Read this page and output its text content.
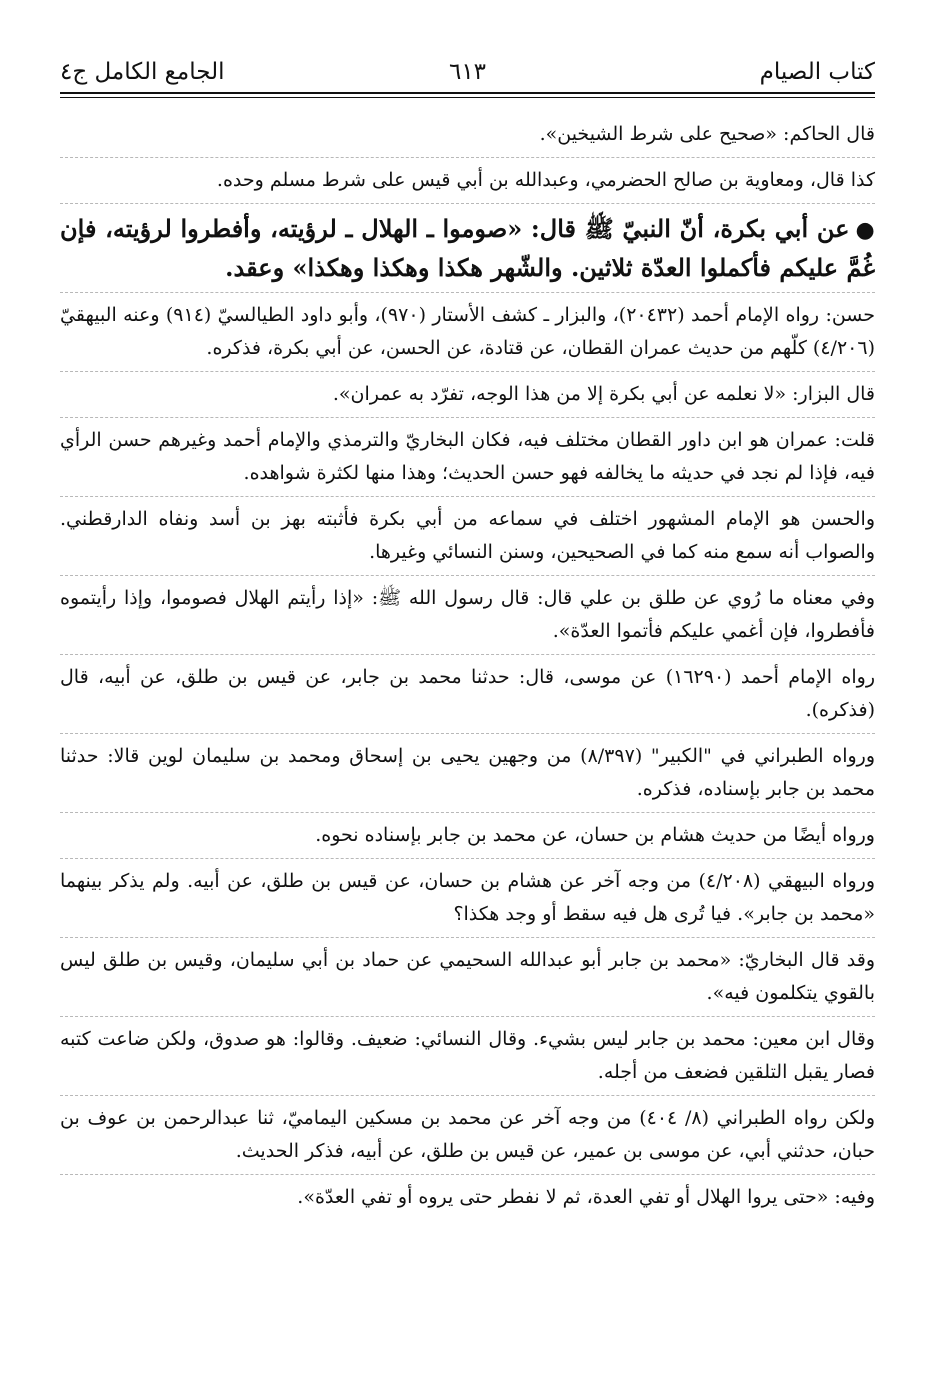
كتاب الصيام
٦١٣
الجامع الكامل ج٤

قال الحاكم: «صحيح على شرط الشيخين».

كذا قال، ومعاوية بن صالح الحضرمي، وعبدالله بن أبي قيس على شرط مسلم وحده.

●عن أبي بكرة، أنّ النبيّ ﷺ قال: «صوموا ـ الهلال ـ لرؤيته، وأفطروا لرؤيته، فإن غُمَّ عليكم فأكملوا العدّة ثلاثين. والشّهر هكذا وهكذا وهكذا» وعقد.

حسن: رواه الإمام أحمد (٢٠٤٣٢)، والبزار ـ كشف الأستار (٩٧٠)، وأبو داود الطيالسيّ (٩١٤) وعنه البيهقيّ (٤/٢٠٦) كلّهم من حديث عمران القطان، عن قتادة، عن الحسن، عن أبي بكرة، فذكره.

قال البزار: «لا نعلمه عن أبي بكرة إلا من هذا الوجه، تفرّد به عمران».

قلت: عمران هو ابن داور القطان مختلف فيه، فكان البخاريّ والترمذي والإمام أحمد وغيرهم حسن الرأي فيه، فإذا لم نجد في حديثه ما يخالفه فهو حسن الحديث؛ وهذا منها لكثرة شواهده.

والحسن هو الإمام المشهور اختلف في سماعه من أبي بكرة فأثبته بهز بن أسد ونفاه الدارقطني. والصواب أنه سمع منه كما في الصحيحين، وسنن النسائي وغيرها.

وفي معناه ما رُوي عن طلق بن علي قال: قال رسول الله ﷺ: «إذا رأيتم الهلال فصوموا، وإذا رأيتموه فأفطروا، فإن أغمي عليكم فأتموا العدّة».

رواه الإمام أحمد (١٦٢٩٠) عن موسى، قال: حدثنا محمد بن جابر، عن قيس بن طلق، عن أبيه، قال (فذكره).

ورواه الطبراني في "الكبير" (٨/٣٩٧) من وجهين يحيى بن إسحاق ومحمد بن سليمان لوين قالا: حدثنا محمد بن جابر بإسناده، فذكره.

ورواه أيضًا من حديث هشام بن حسان، عن محمد بن جابر بإسناده نحوه.

ورواه البيهقي (٤/٢٠٨) من وجه آخر عن هشام بن حسان، عن قيس بن طلق، عن أبيه. ولم يذكر بينهما «محمد بن جابر». فيا تُرى هل فيه سقط أو وجد هكذا؟

وقد قال البخاريّ: «محمد بن جابر أبو عبدالله السحيمي عن حماد بن أبي سليمان، وقيس بن طلق ليس بالقوي يتكلمون فيه».

وقال ابن معين: محمد بن جابر ليس بشيء. وقال النسائي: ضعيف. وقالوا: هو صدوق، ولكن ضاعت كتبه فصار يقبل التلقين فضعف من أجله.

ولكن رواه الطبراني (٨/ ٤٠٤) من وجه آخر عن محمد بن مسكين اليماميّ، ثنا عبدالرحمن بن عوف بن حبان، حدثني أبي، عن موسى بن عمير، عن قيس بن طلق، عن أبيه، فذكر الحديث.

وفيه: «حتى يروا الهلال أو تفي العدة، ثم لا نفطر حتى يروه أو تفي العدّة».
